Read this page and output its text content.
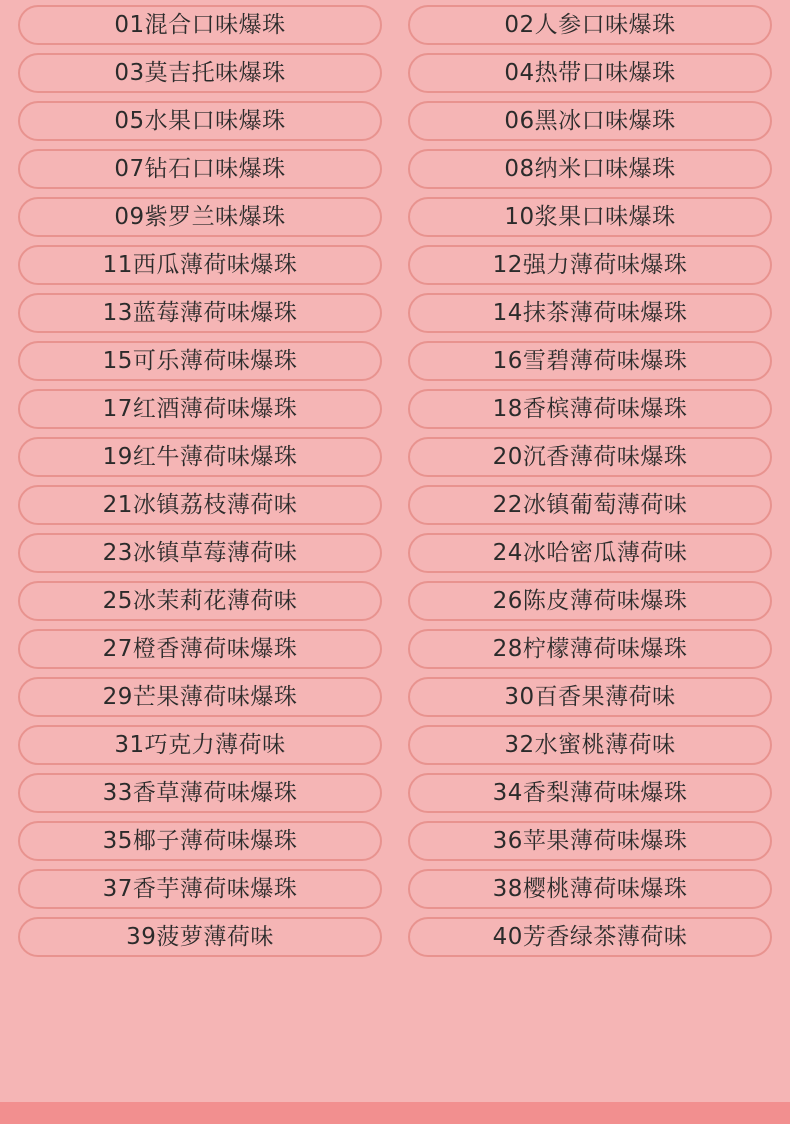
01混合口味爆珠	02人参口味爆珠
03莫吉托味爆珠	04热带口味爆珠
05水果口味爆珠	06黑冰口味爆珠
07钻石口味爆珠	08纳米口味爆珠
09紫罗兰味爆珠	10浆果口味爆珠
11西瓜薄荷味爆珠	12强力薄荷味爆珠
13蓝莓薄荷味爆珠	14抹茶薄荷味爆珠
15可乐薄荷味爆珠	16雪碧薄荷味爆珠
17红酒薄荷味爆珠	18香槟薄荷味爆珠
19红牛薄荷味爆珠	20沉香薄荷味爆珠
21冰镇荔枝薄荷味	22冰镇葡萄薄荷味
23冰镇草莓薄荷味	24冰哈密瓜薄荷味
25冰茉莉花薄荷味	26陈皮薄荷味爆珠
27橙香薄荷味爆珠	28柠檬薄荷味爆珠
29芒果薄荷味爆珠	30百香果薄荷味
31巧克力薄荷味	32水蜜桃薄荷味
33香草薄荷味爆珠	34香梨薄荷味爆珠
35椰子薄荷味爆珠	36苹果薄荷味爆珠
37香芋薄荷味爆珠	38樱桃薄荷味爆珠
39菠萝薄荷味	40芳香绿茶薄荷味
